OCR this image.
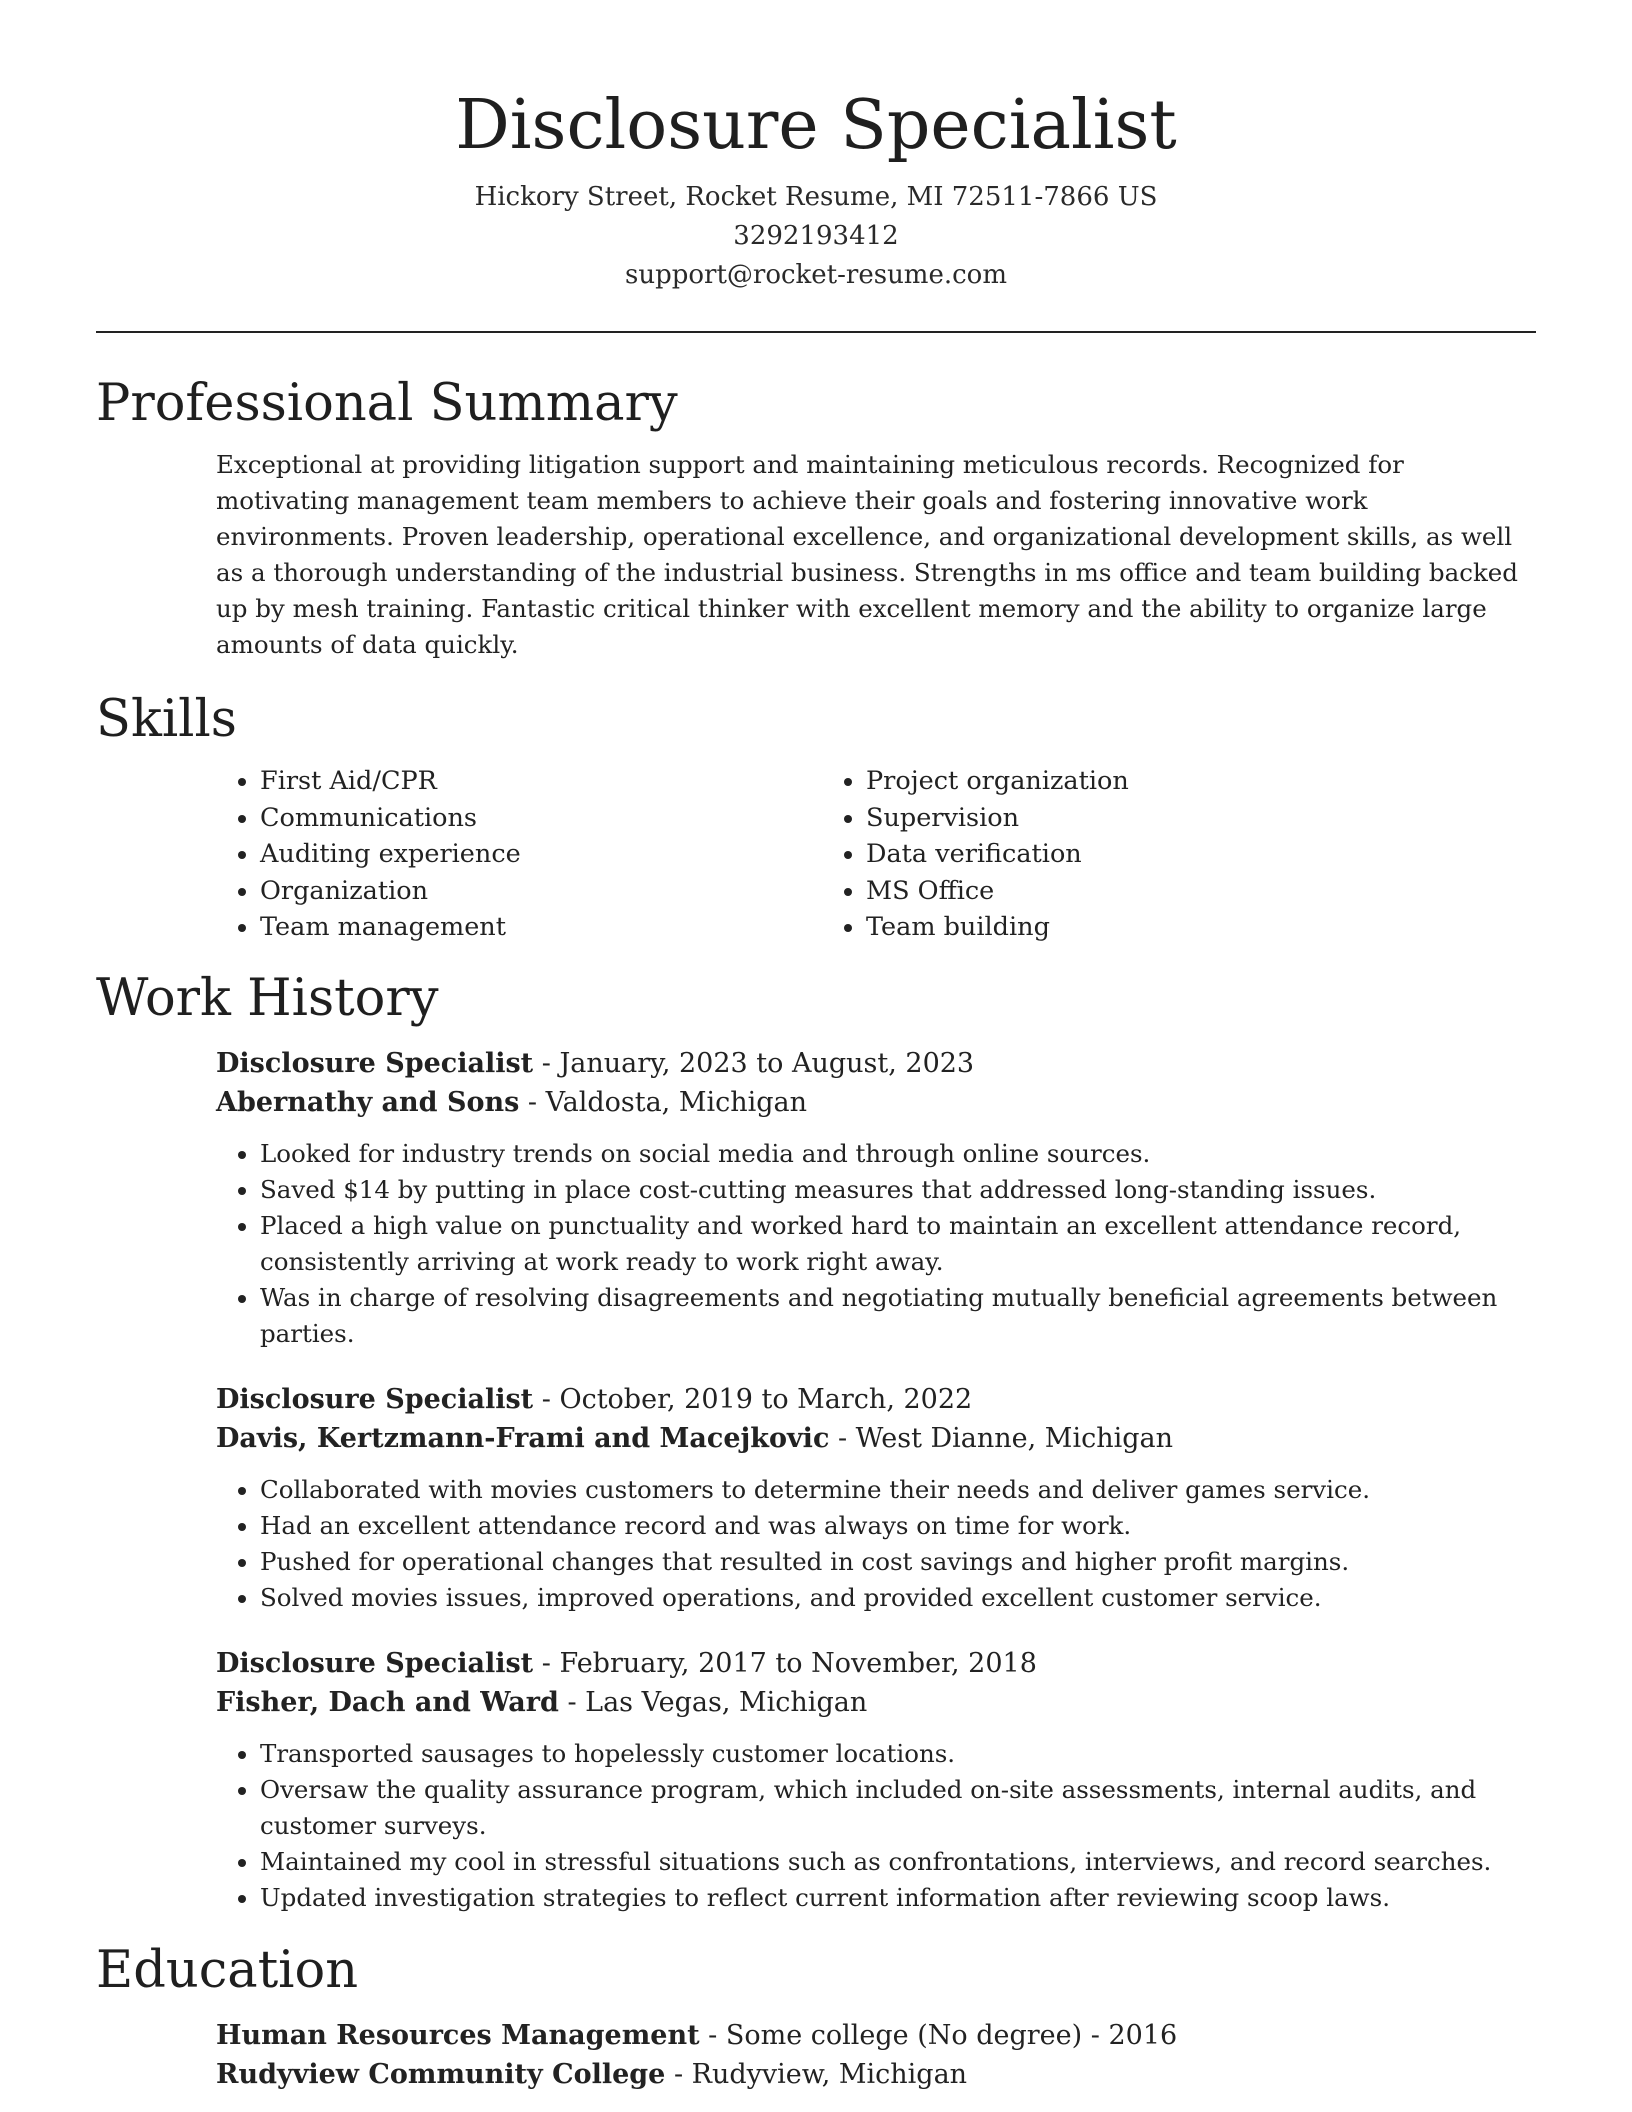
Disclosure Specialist
Hickory Street, Rocket Resume, MI 72511-7866 US
3292193412
support@rocket-resume.com
Professional Summary

Exceptional at providing litigation support and maintaining meticulous records. Recognized for motivating management team members to achieve their goals and fostering innovative work environments. Proven leadership, operational excellence, and organizational development skills, as well as a thorough understanding of the industrial business. Strengths in ms office and team building backed up by mesh training. Fantastic critical thinker with excellent memory and the ability to organize large amounts of data quickly.

Skills
• First Aid/CPR
• Communications
• Auditing experience
• Organization
• Team management
• Project organization
• Supervision
• Data verification
• MS Office
• Team building
Work History
Disclosure Specialist - January, 2023 to August, 2023
Abernathy and Sons - Valdosta, Michigan
• Looked for industry trends on social media and through online sources.
• Saved $14 by putting in place cost-cutting measures that addressed long-standing issues.
• Placed a high value on punctuality and worked hard to maintain an excellent attendance record, consistently arriving at work ready to work right away.
• Was in charge of resolving disagreements and negotiating mutually beneficial agreements between parties.
Disclosure Specialist - October, 2019 to March, 2022
Davis, Kertzmann-Frami and Macejkovic - West Dianne, Michigan
• Collaborated with movies customers to determine their needs and deliver games service.
• Had an excellent attendance record and was always on time for work.
• Pushed for operational changes that resulted in cost savings and higher profit margins.
• Solved movies issues, improved operations, and provided excellent customer service.
Disclosure Specialist - February, 2017 to November, 2018
Fisher, Dach and Ward - Las Vegas, Michigan
• Transported sausages to hopelessly customer locations.
• Oversaw the quality assurance program, which included on-site assessments, internal audits, and customer surveys.
• Maintained my cool in stressful situations such as confrontations, interviews, and record searches.
• Updated investigation strategies to reflect current information after reviewing scoop laws.
Education
Human Resources Management - Some college (No degree) - 2016
Rudyview Community College - Rudyview, Michigan
